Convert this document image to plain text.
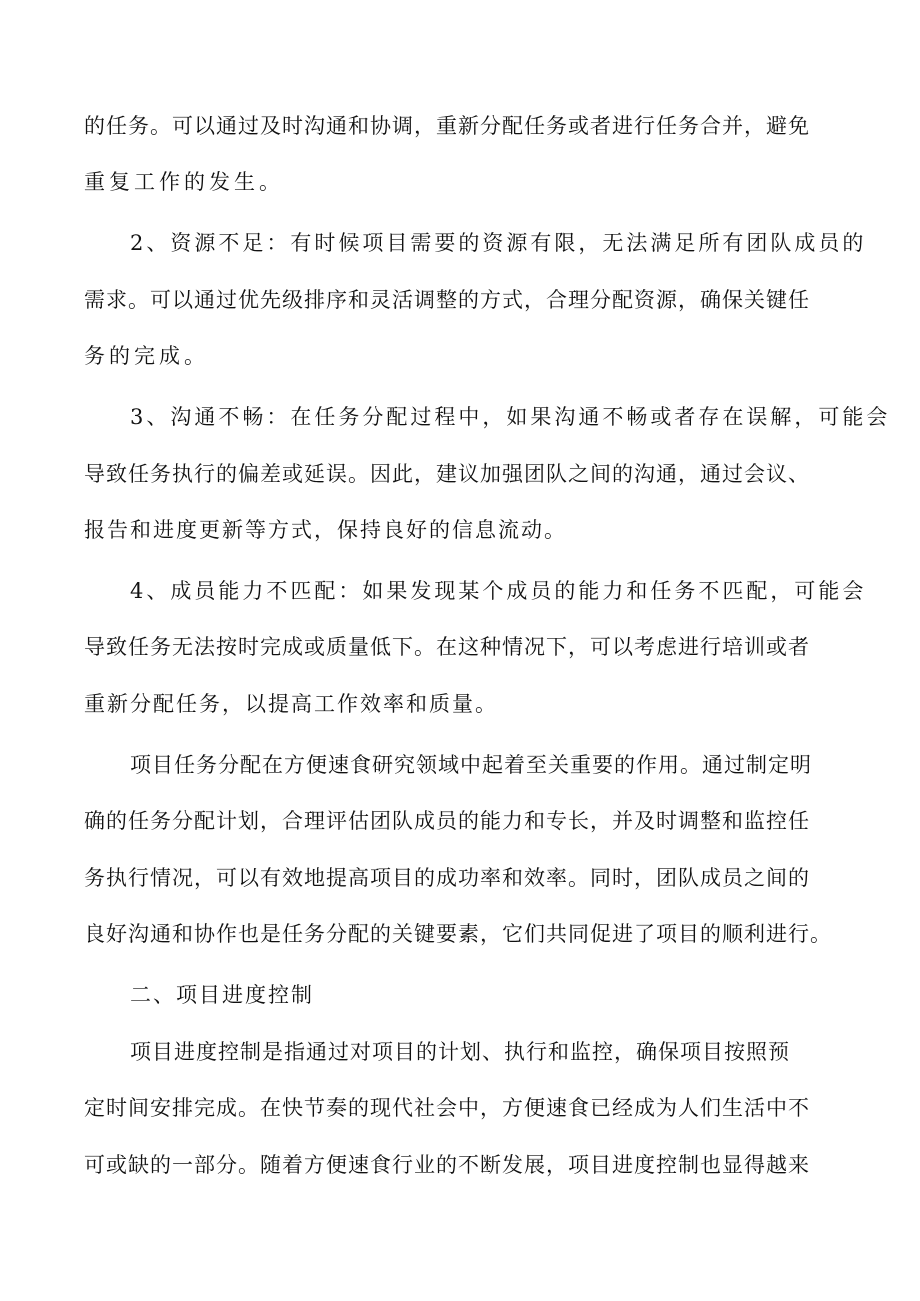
的任务。可以通过及时沟通和协调，重新分配任务或者进行任务合并，避免
重复工作的发生。
2、资源不足：有时候项目需要的资源有限，无法满足所有团队成员的
需求。可以通过优先级排序和灵活调整的方式，合理分配资源，确保关键任
务的完成。
3、沟通不畅：在任务分配过程中，如果沟通不畅或者存在误解，可能会
导致任务执行的偏差或延误。因此，建议加强团队之间的沟通，通过会议、
报告和进度更新等方式，保持良好的信息流动。
4、成员能力不匹配：如果发现某个成员的能力和任务不匹配，可能会
导致任务无法按时完成或质量低下。在这种情况下，可以考虑进行培训或者
重新分配任务，以提高工作效率和质量。
项目任务分配在方便速食研究领域中起着至关重要的作用。通过制定明
确的任务分配计划，合理评估团队成员的能力和专长，并及时调整和监控任
务执行情况，可以有效地提高项目的成功率和效率。同时，团队成员之间的
良好沟通和协作也是任务分配的关键要素，它们共同促进了项目的顺利进行。
二、项目进度控制
项目进度控制是指通过对项目的计划、执行和监控，确保项目按照预
定时间安排完成。在快节奏的现代社会中，方便速食已经成为人们生活中不
可或缺的一部分。随着方便速食行业的不断发展，项目进度控制也显得越来
